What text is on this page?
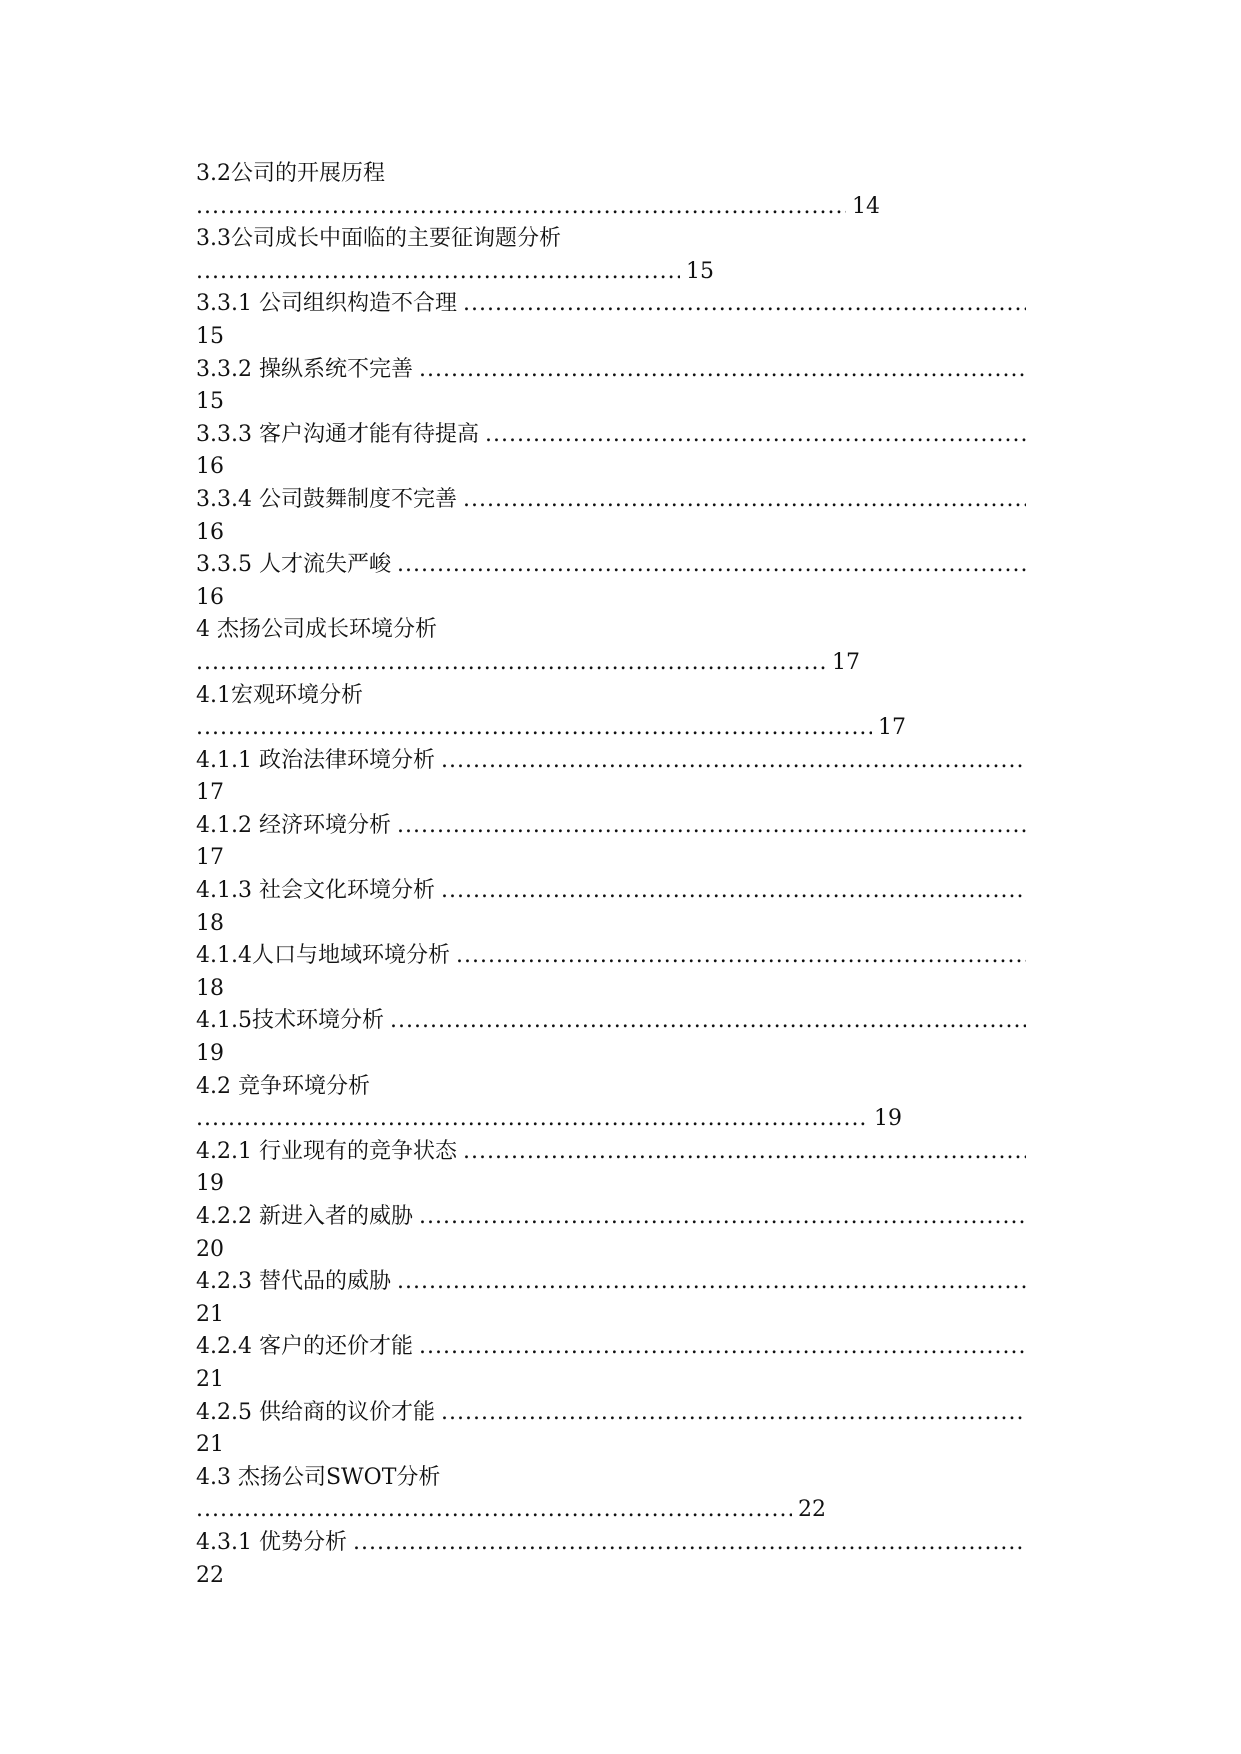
3.2公司的开展历程
.....
14
3.3公司成长中面临的主要征询题分析
.....
15
3.3.1 公司组织构造不合理
.....
15
3.3.2 操纵系统不完善
.....
15
3.3.3 客户沟通才能有待提高
.....
16
3.3.4 公司鼓舞制度不完善
.....
16
3.3.5 人才流失严峻
.....
16
4 杰扬公司成长环境分析
.....
17
4.1宏观环境分析
.....
17
4.1.1 政治法律环境分析
.....
17
4.1.2 经济环境分析
.....
17
4.1.3 社会文化环境分析
.....
18
4.1.4人口与地域环境分析
.....
18
4.1.5技术环境分析
.....
19
4.2 竞争环境分析
.....
19
4.2.1 行业现有的竞争状态
.....
19
4.2.2 新进入者的威胁
.....
20
4.2.3 替代品的威胁
.....
21
4.2.4 客户的还价才能
.....
21
4.2.5 供给商的议价才能
.....
21
4.3 杰扬公司SWOT分析
.....
22
4.3.1 优势分析
.....
22
